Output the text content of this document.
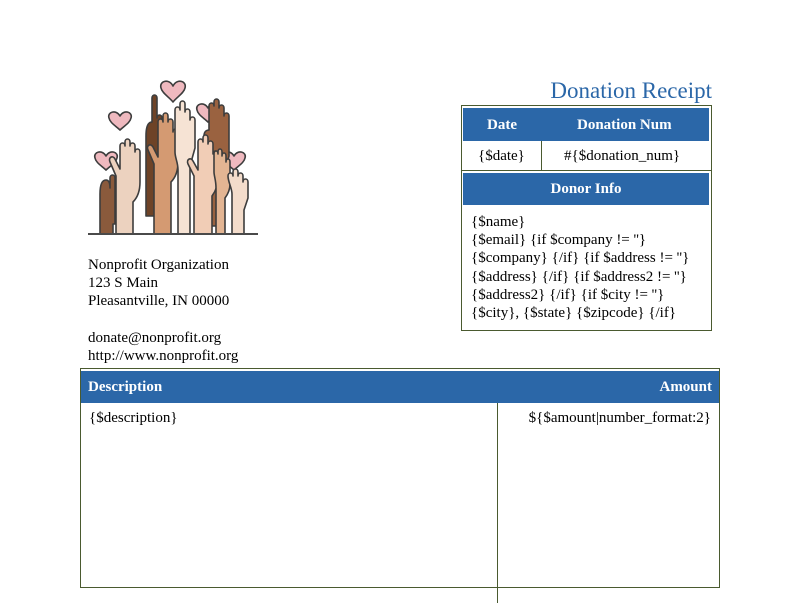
Nonprofit Organization
123 S Main
Pleasantville, IN 00000
donate@nonprofit.org
http://www.nonprofit.org
Donation Receipt
Date	Donation Num
{$date}	#{$donation_num}
Donor Info
{$name}
{$email} {if $company != ''}
{$company} {/if} {if $address != ''}
{$address} {/if} {if $address2 != ''}
{$address2} {/if} {if $city != ''}
{$city}, {$state} {$zipcode} {/if}
Description	Amount
{$description}	${$amount|number_format:2}
